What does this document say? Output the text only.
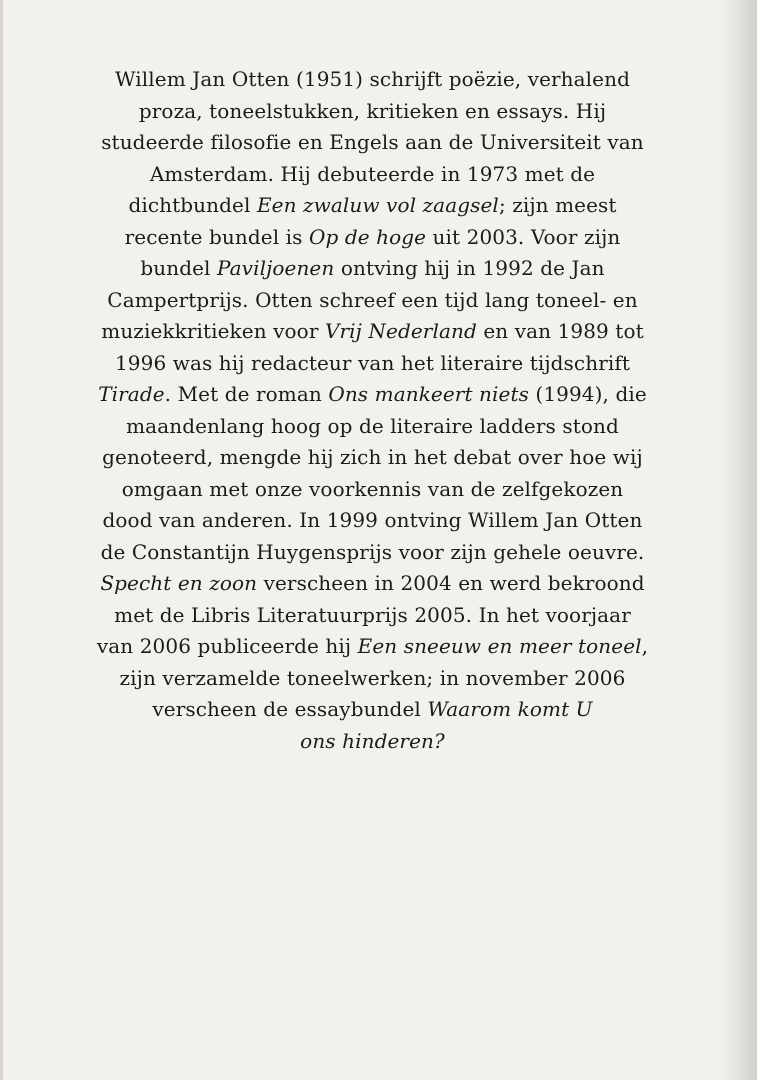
Willem Jan Otten (1951) schrijft poëzie, verhalend
proza, toneelstukken, kritieken en essays. Hij
studeerde filosofie en Engels aan de Universiteit van
Amsterdam. Hij debuteerde in 1973 met de
dichtbundel Een zwaluw vol zaagsel; zijn meest
recente bundel is Op de hoge uit 2003. Voor zijn
bundel Paviljoenen ontving hij in 1992 de Jan
Campertprijs. Otten schreef een tijd lang toneel- en
muziekkritieken voor Vrij Nederland en van 1989 tot
1996 was hij redacteur van het literaire tijdschrift
Tirade. Met de roman Ons mankeert niets (1994), die
maandenlang hoog op de literaire ladders stond
genoteerd, mengde hij zich in het debat over hoe wij
omgaan met onze voorkennis van de zelfgekozen
dood van anderen. In 1999 ontving Willem Jan Otten
de Constantijn Huygensprijs voor zijn gehele oeuvre.
Specht en zoon verscheen in 2004 en werd bekroond
met de Libris Literatuurprijs 2005. In het voorjaar
van 2006 publiceerde hij Een sneeuw en meer toneel,
zijn verzamelde toneelwerken; in november 2006
verscheen de essaybundel Waarom komt U
ons hinderen?
